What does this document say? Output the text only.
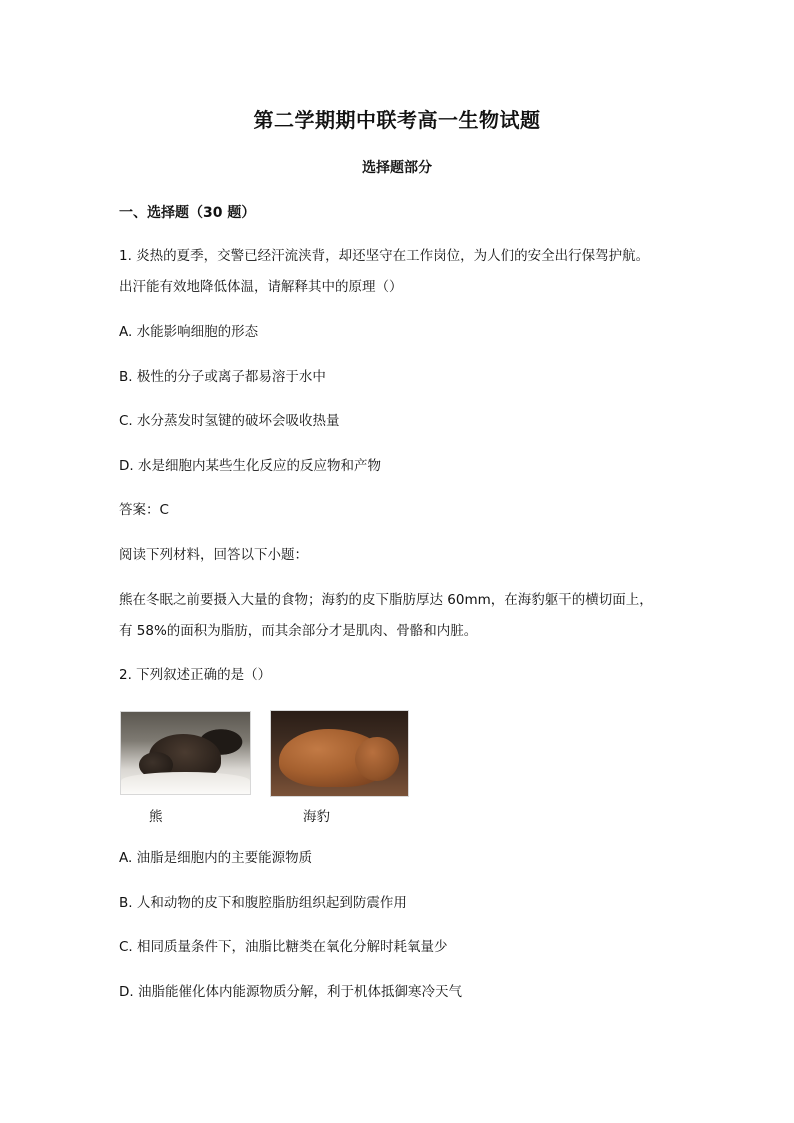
第二学期期中联考高一生物试题
选择题部分
一、选择题（30 题）
1. 炎热的夏季，交警已经汗流浃背，却还坚守在工作岗位，为人们的安全出行保驾护航。
出汗能有效地降低体温，请解释其中的原理（）
A. 水能影响细胞的形态
B. 极性的分子或离子都易溶于水中
C. 水分蒸发时氢键的破坏会吸收热量
D. 水是细胞内某些生化反应的反应物和产物
答案：C
阅读下列材料，回答以下小题：
熊在冬眠之前要摄入大量的食物；海豹的皮下脂肪厚达 60mm，在海豹躯干的横切面上，
有 58%的面积为脂肪，而其余部分才是肌肉、骨骼和内脏。
2. 下列叙述正确的是（）
熊	海豹
A. 油脂是细胞内的主要能源物质
B. 人和动物的皮下和腹腔脂肪组织起到防震作用
C. 相同质量条件下，油脂比糖类在氧化分解时耗氧量少
D. 油脂能催化体内能源物质分解，利于机体抵御寒冷天气
